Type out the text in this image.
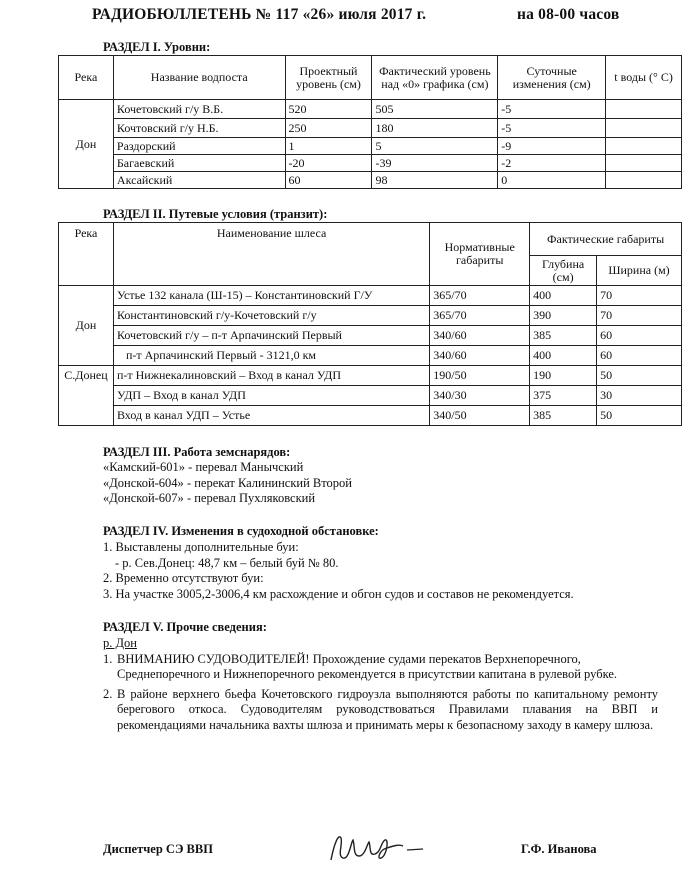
РАДИОБЮЛЛЕТЕНЬ № 117 «26» июля 2017 г.	на 08-00 часов
РАЗДЕЛ I. Уровни:
Река	Название водпоста	Проектный уровень (см)	Фактический уровень над «0» графика (см)	Суточные изменения (см)	t воды (° C)
Дон	Кочетовский г/у В.Б.	520	505	-5	
	Кочтовский г/у Н.Б.	250	180	-5	
	Раздорский	1	5	-9	
	Багаевский	-20	-39	-2	
	Аксайский	60	98	0	
РАЗДЕЛ II. Путевые условия (транзит):
Река	Наименование шлеса	Нормативные габариты	Фактические габариты	
			Глубина (см)	Ширина (м)
Дон	Устье 132 канала (Ш-15) – Константиновский Г/У	365/70	400	70
	Константиновский г/у-Кочетовский г/у	365/70	390	70
	Кочетовский г/у – п-т Арпачинский Первый	340/60	385	60
	п-т Арпачинский Первый - 3121,0 км	340/60	400	60
С.Донец	п-т Нижнекалиновский – Вход в канал УДП	190/50	190	50
	УДП – Вход в канал УДП	340/30	375	30
	Вход в канал УДП – Устье	340/50	385	50
РАЗДЕЛ III. Работа земснарядов:
«Камский-601» - перевал Манычский
«Донской-604» - перекат Калининский Второй
«Донской-607» - перевал Пухляковский
РАЗДЕЛ IV. Изменения в судоходной обстановке:
1. Выставлены дополнительные буи:
- р. Сев.Донец: 48,7 км – белый буй № 80.
2. Временно отсутствуют буи:
3. На участке 3005,2-3006,4 км расхождение и обгон судов и составов не рекомендуется.
РАЗДЕЛ V. Прочие сведения:
р. Дон
1. ВНИМАНИЮ СУДОВОДИТЕЛЕЙ! Прохождение судами перекатов Верхнепоречного, Среднепоречного и Нижнепоречного рекомендуется в присутствии капитана в рулевой рубке.
2. В районе верхнего бьефа Кочетовского гидроузла выполняются работы по капитальному ремонту берегового откоса. Судоводителям руководствоваться Правилами плавания на ВВП и рекомендациями начальника вахты шлюза и принимать меры к безопасному заходу в камеру шлюза.
Диспетчер СЭ ВВП	Г.Ф. Иванова
